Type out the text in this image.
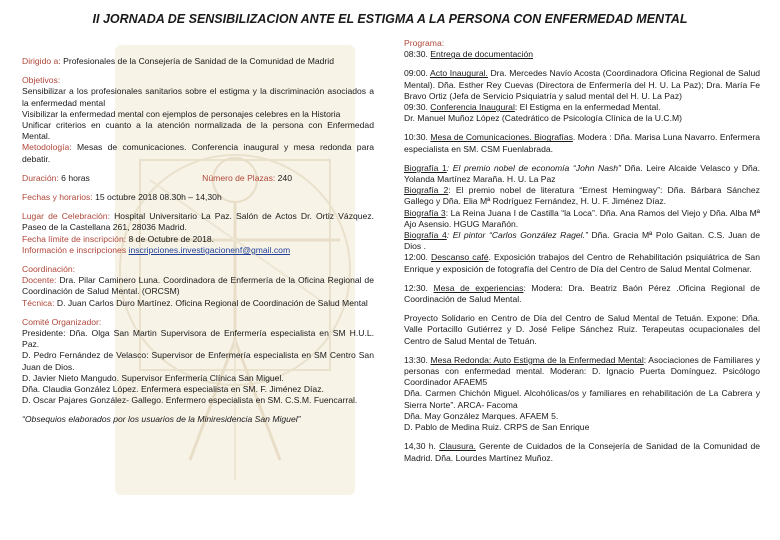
II JORNADA DE SENSIBILIZACION ANTE EL ESTIGMA A LA PERSONA CON ENFERMEDAD MENTAL

Dirigido a: Profesionales de la Consejería de Sanidad de la Comunidad de Madrid

Objetivos:

Sensibilizar a los profesionales sanitarios sobre el estigma y la discriminación asociados a la enfermedad mental

Visibilizar la enfermedad mental con ejemplos de personajes celebres en la Historia

Unificar criterios en cuanto a la atención normalizada de la persona con Enfermedad Mental.

Metodología: Mesas de comunicaciones. Conferencia inaugural y mesa redonda para debatir.

Duración: 6 horas	Número de Plazas: 240

Fechas y horarios: 15 octubre 2018 08.30h – 14,30h

Lugar de Celebración: Hospital Universitario La Paz. Salón de Actos Dr. Ortiz Vázquez. Paseo de la Castellana 261, 28036 Madrid.

Fecha límite de inscripción: 8 de Octubre de 2018.

Información e inscripciones inscripciones.investigacionenf@gmail.com

Coordinación:

Docente: Dra. Pilar Caminero Luna. Coordinadora de Enfermería de la Oficina Regional de Coordinación de Salud Mental. (ORCSM)

Técnica: D. Juan Carlos Duro Martínez. Oficina Regional de Coordinación de Salud Mental

Comité Organizador:

Presidente: Dña. Olga San Martin Supervisora de Enfermería especialista en SM H.U.L. Paz.

D. Pedro Fernández de Velasco: Supervisor de Enfermería especialista en SM Centro San Juan de Dios.

D. Javier Nieto Mangudo. Supervisor Enfermería Clínica San Miguel.

Dña. Claudia González López. Enfermera especialista en SM. F. Jiménez Díaz.

D. Oscar Pajares González- Gallego. Enfermero especialista en SM. C.S.M. Fuencarral.

“Obsequios elaborados por los usuarios de la Miniresidencia San Miguel”

Programa:

08:30. Entrega de documentación

09:00. Acto Inaugural. Dra. Mercedes Navío Acosta (Coordinadora Oficina Regional de Salud Mental). Dña. Esther Rey Cuevas (Directora de Enfermería del H. U. La Paz); Dra. María Fe Bravo Ortiz (Jefa de Servicio Psiquiatría y salud mental del H. U. La Paz)

09:30. Conferencia Inaugural: El Estigma en la enfermedad Mental.

Dr. Manuel Muñoz López (Catedrático de Psicología Clínica de la U.C.M)

10:30. Mesa de Comunicaciones. Biografías. Modera : Dña. Marisa Luna Navarro. Enfermera especialista en SM. CSM Fuenlabrada.

Biografía 1: El premio nobel de economía “John Nash” Dña. Leire Alcaide Velasco y Dña. Yolanda Martínez Maraña. H. U. La Paz

Biografía 2: El premio nobel de literatura “Ernest Hemingway”: Dña. Bárbara Sánchez Gallego y Dña. Elia Mª Rodríguez Fernández, H. U. F. Jiménez Díaz.

Biografía 3: La Reina Juana I de Castilla “la Loca”. Dña. Ana Ramos del Viejo y Dña. Alba Mª Ajo Asensio. HGUG Marañón.

Biografía 4: El pintor “Carlos González Ragel.” Dña. Gracia Mª Polo Gaitan. C.S. Juan de Dios .

12:00. Descanso café. Exposición trabajos del Centro de Rehabilitación psiquiátrica de San Enrique y exposición de fotografía del Centro de Día del Centro de Salud Mental Colmenar.

12:30. Mesa de experiencias: Modera: Dra. Beatriz Baón Pérez .Oficina Regional de Coordinación de Salud Mental.

Proyecto Solidario en Centro de Día del Centro de Salud Mental de Tetuán. Expone: Dña. Valle Portacillo Gutiérrez y D. José Felipe Sánchez Ruiz. Terapeutas ocupacionales del Centro de Salud Mental de Tetuán.

13:30. Mesa Redonda: Auto Estigma de la Enfermedad Mental: Asociaciones de Familiares y personas con enfermedad mental. Moderan: D. Ignacio Puerta Domínguez. Psicólogo Coordinador AFAEM5

Dña. Carmen Chichón Miguel. Alcohólicas/os y familiares en rehabilitación de La Cabrera y Sierra Norte”. ARCA- Facoma

Dña. May González Marques. AFAEM 5.

D. Pablo de Medina Ruiz. CRPS de San Enrique

14,30 h. Clausura. Gerente de Cuidados de la Consejería de Sanidad de la Comunidad de Madrid. Dña. Lourdes Martínez Muñoz.
